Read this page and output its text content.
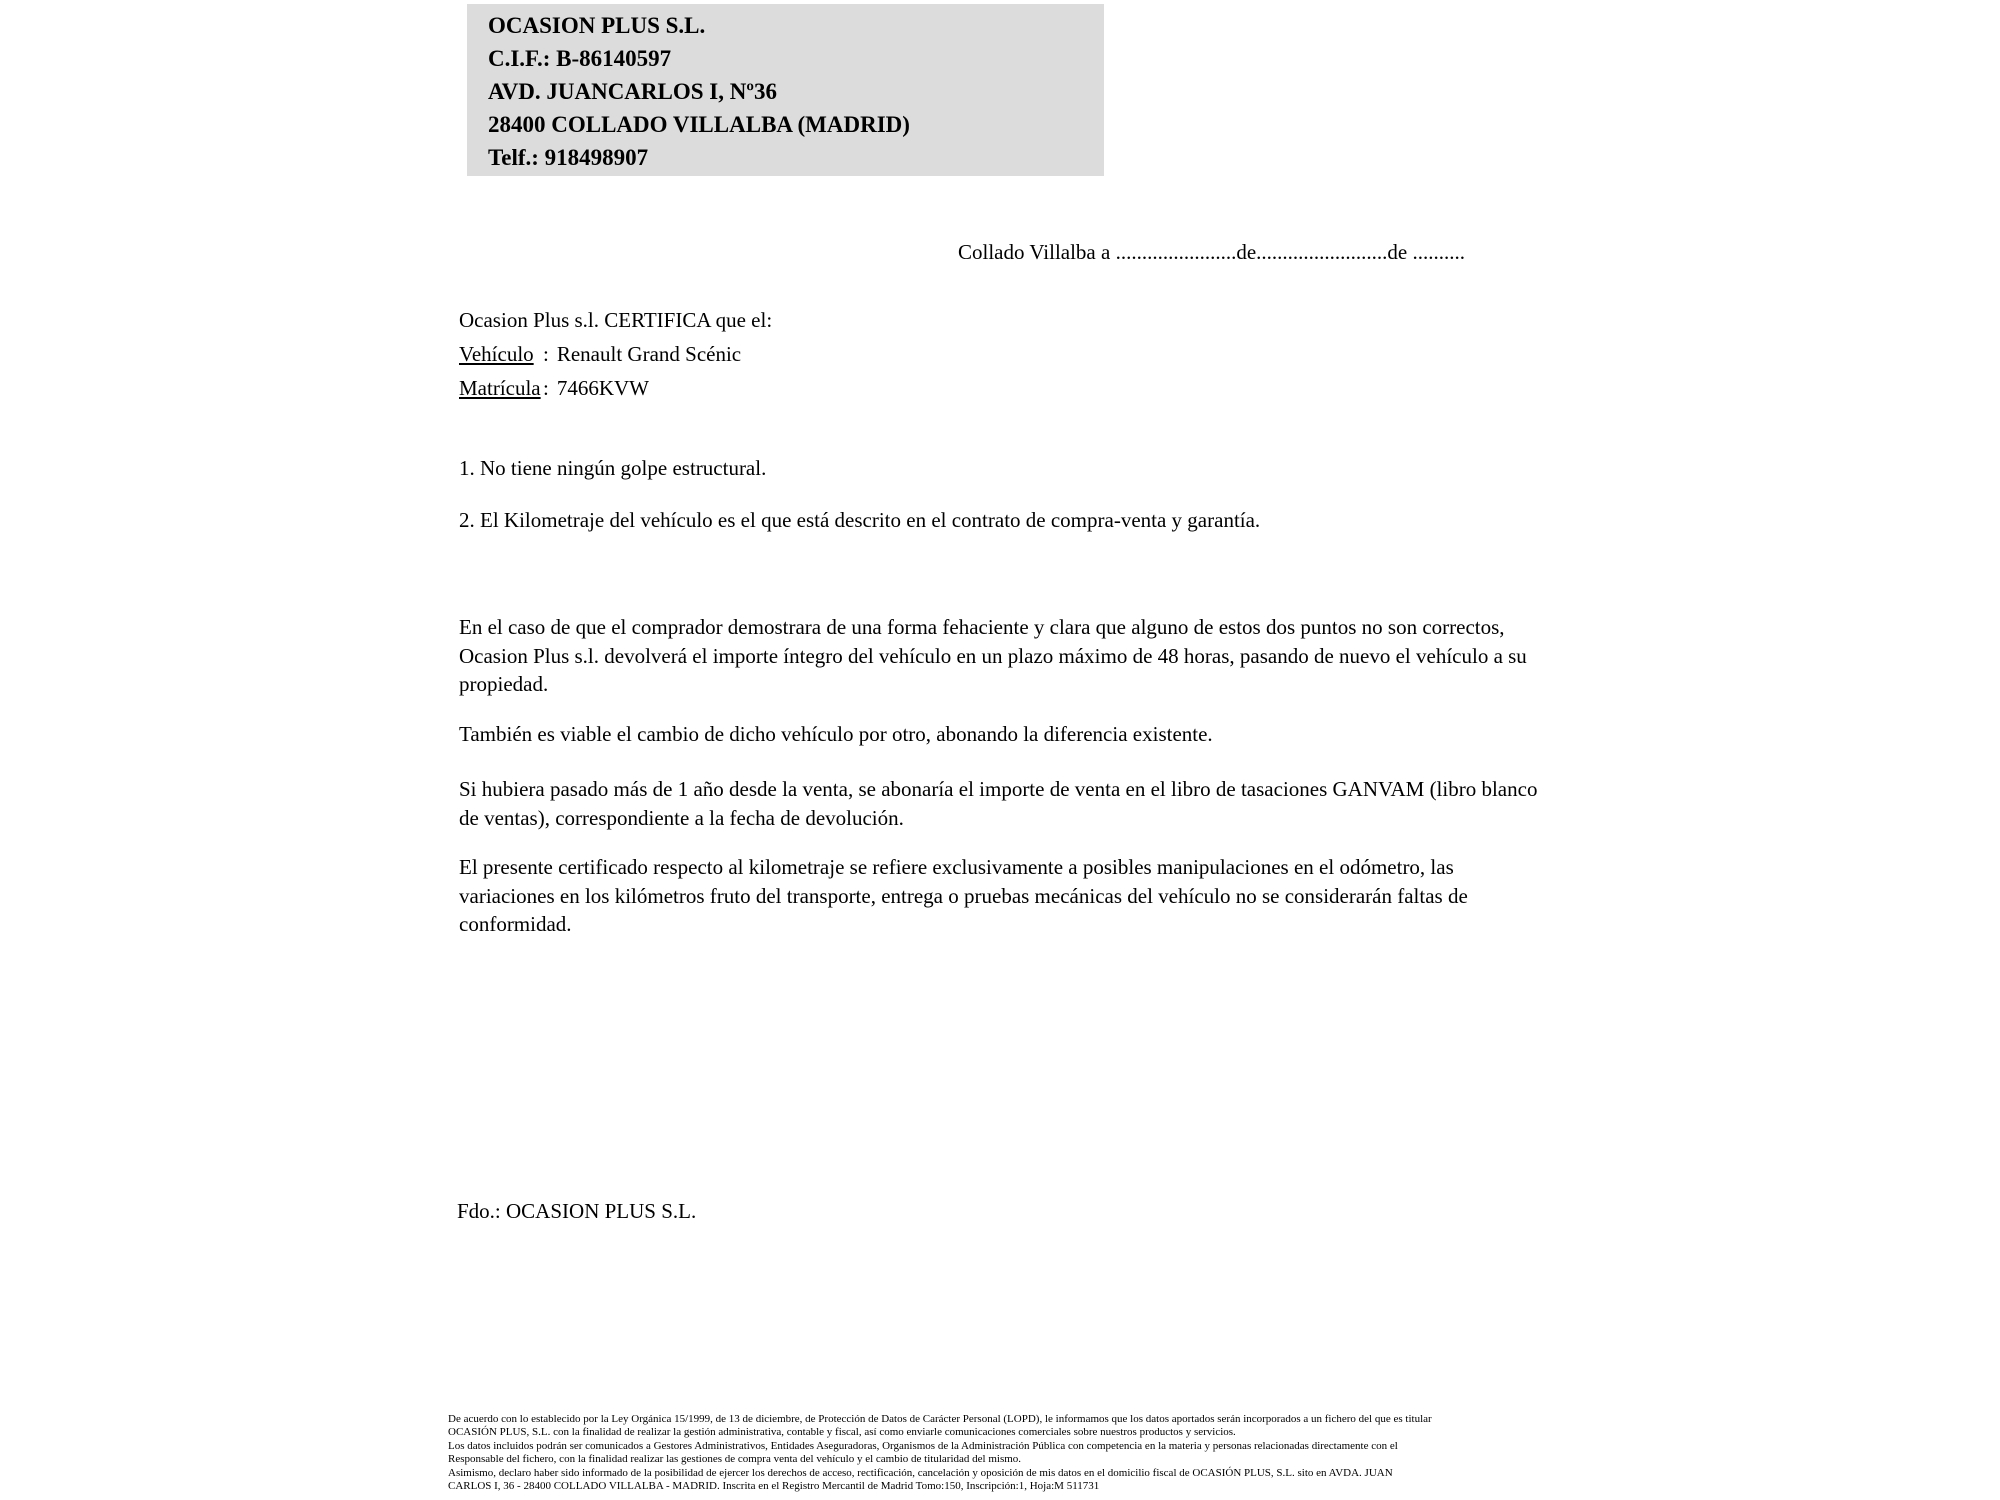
OCASION PLUS S.L.
C.I.F.: B-86140597
AVD. JUANCARLOS I, Nº36
28400 COLLADO VILLALBA (MADRID)
Telf.: 918498907
Collado Villalba a .......................de.........................de ..........
Ocasion Plus s.l. CERTIFICA que el:
Vehículo : Renault Grand Scénic
Matrícula : 7466KVW
1. No tiene ningún golpe estructural.
2. El Kilometraje del vehículo es el que está descrito en el contrato de compra-venta y garantía.
En el caso de que el comprador demostrara de una forma fehaciente y clara que alguno de estos dos puntos no son correctos, Ocasion Plus s.l. devolverá el importe íntegro del vehículo en un plazo máximo de 48 horas, pasando de nuevo el vehículo a su propiedad.
También es viable el cambio de dicho vehículo por otro, abonando la diferencia existente.
Si hubiera pasado más de 1 año desde la venta, se abonaría el importe de venta en el libro de tasaciones GANVAM (libro blanco de ventas), correspondiente a la fecha de devolución.
El presente certificado respecto al kilometraje se refiere exclusivamente a posibles manipulaciones en el odómetro, las variaciones en los kilómetros fruto del transporte, entrega o pruebas mecánicas del vehículo no se considerarán faltas de conformidad.
Fdo.: OCASION PLUS S.L.
De acuerdo con lo establecido por la Ley Orgánica 15/1999, de 13 de diciembre, de Protección de Datos de Carácter Personal (LOPD), le informamos que los datos aportados serán incorporados a un fichero del que es titular
OCASIÓN PLUS, S.L. con la finalidad de realizar la gestión administrativa, contable y fiscal, así como enviarle comunicaciones comerciales sobre nuestros productos y servicios.
Los datos incluidos podrán ser comunicados a Gestores Administrativos, Entidades Aseguradoras, Organismos de la Administración Pública con competencia en la materia y personas relacionadas directamente con el
Responsable del fichero, con la finalidad realizar las gestiones de compra venta del vehículo y el cambio de titularidad del mismo.
Asimismo, declaro haber sido informado de la posibilidad de ejercer los derechos de acceso, rectificación, cancelación y oposición de mis datos en el domicilio fiscal de OCASIÓN PLUS, S.L. sito en AVDA. JUAN
CARLOS I, 36 - 28400 COLLADO VILLALBA - MADRID. Inscrita en el Registro Mercantil de Madrid Tomo:150, Inscripción:1, Hoja:M 511731
